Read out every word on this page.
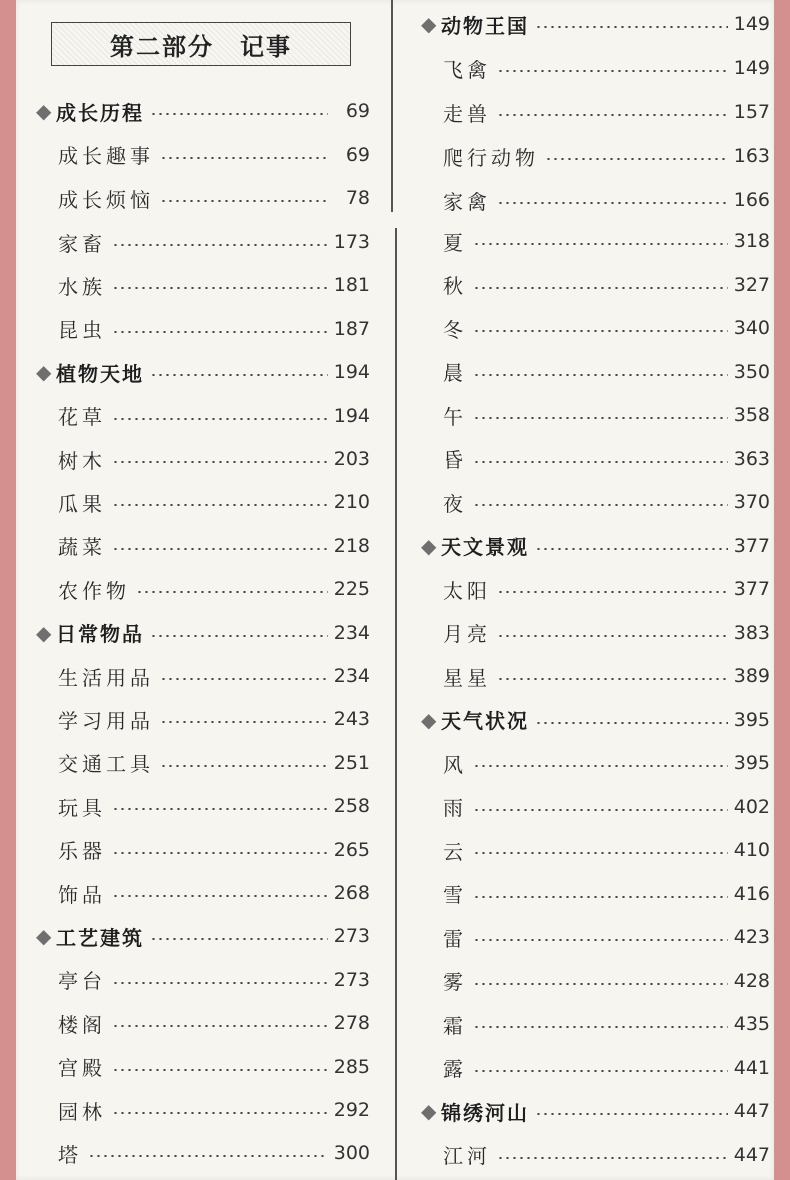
第二部分　记事
◆ 成长历程	69
成长趣事	69
成长烦恼	78
家畜	173
水族	181
昆虫	187
◆ 植物天地	194
花草	194
树木	203
瓜果	210
蔬菜	218
农作物	225
◆ 日常物品	234
生活用品	234
学习用品	243
交通工具	251
玩具	258
乐器	265
饰品	268
◆ 工艺建筑	273
亭台	273
楼阁	278
宫殿	285
园林	292
塔	300
◆ 动物王国	149
飞禽	149
走兽	157
爬行动物	163
家禽	166
夏	318
秋	327
冬	340
晨	350
午	358
昏	363
夜	370
◆ 天文景观	377
太阳	377
月亮	383
星星	389
◆ 天气状况	395
风	395
雨	402
云	410
雪	416
雷	423
雾	428
霜	435
露	441
◆ 锦绣河山	447
江河	447
